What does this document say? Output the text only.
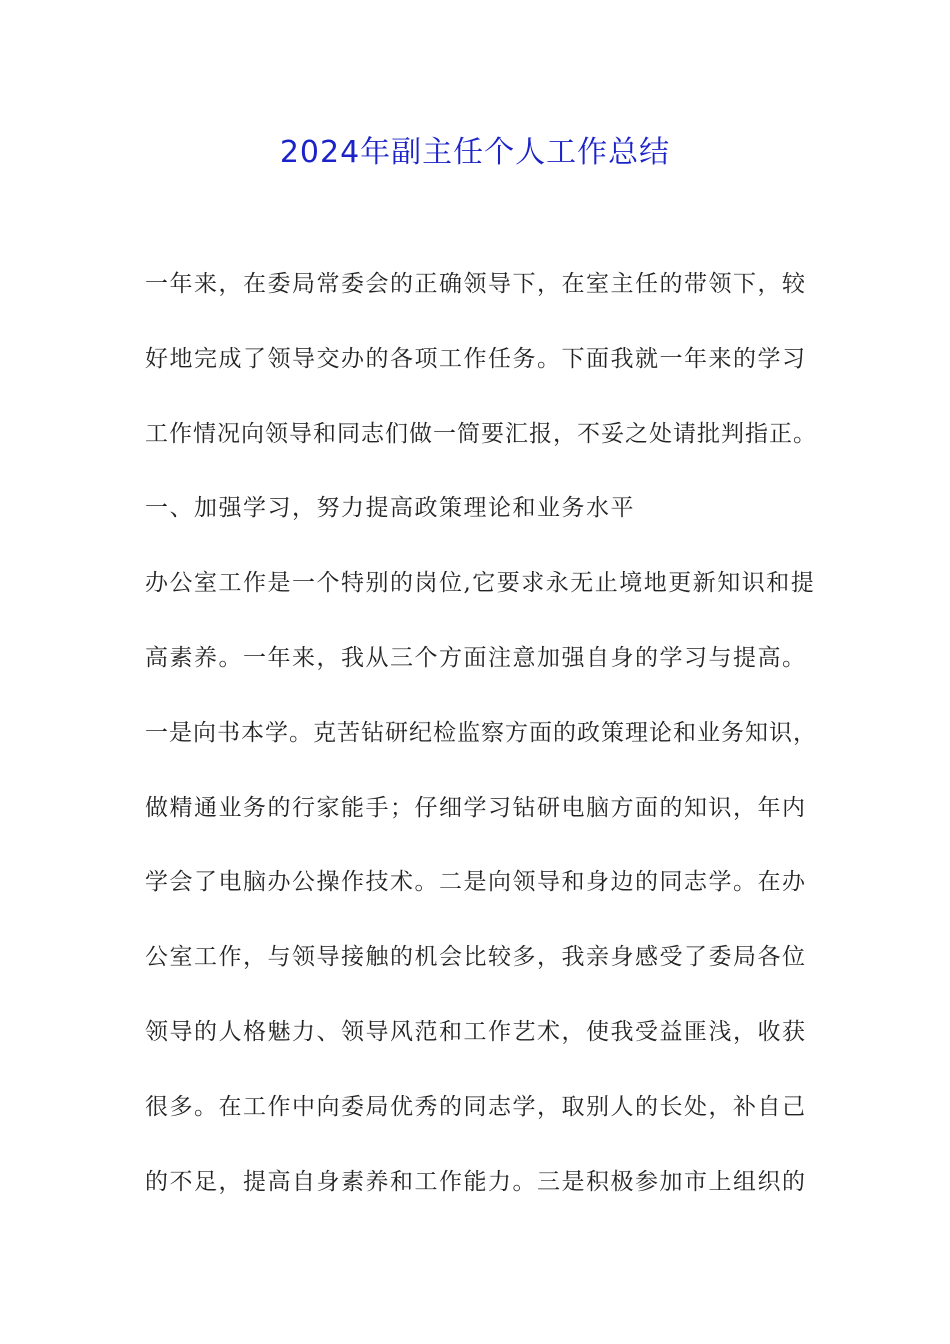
2024年副主任个人工作总结
一年来，在委局常委会的正确领导下，在室主任的带领下，较
好地完成了领导交办的各项工作任务。下面我就一年来的学习
工作情况向领导和同志们做一简要汇报，不妥之处请批判指正。
一、加强学习，努力提高政策理论和业务水平
办公室工作是一个特别的岗位,它要求永无止境地更新知识和提
高素养。一年来，我从三个方面注意加强自身的学习与提高。
一是向书本学。克苦钻研纪检监察方面的政策理论和业务知识，
做精通业务的行家能手；仔细学习钻研电脑方面的知识，年内
学会了电脑办公操作技术。二是向领导和身边的同志学。在办
公室工作，与领导接触的机会比较多，我亲身感受了委局各位
领导的人格魅力、领导风范和工作艺术，使我受益匪浅，收获
很多。在工作中向委局优秀的同志学，取别人的长处，补自己
的不足，提高自身素养和工作能力。三是积极参加市上组织的
